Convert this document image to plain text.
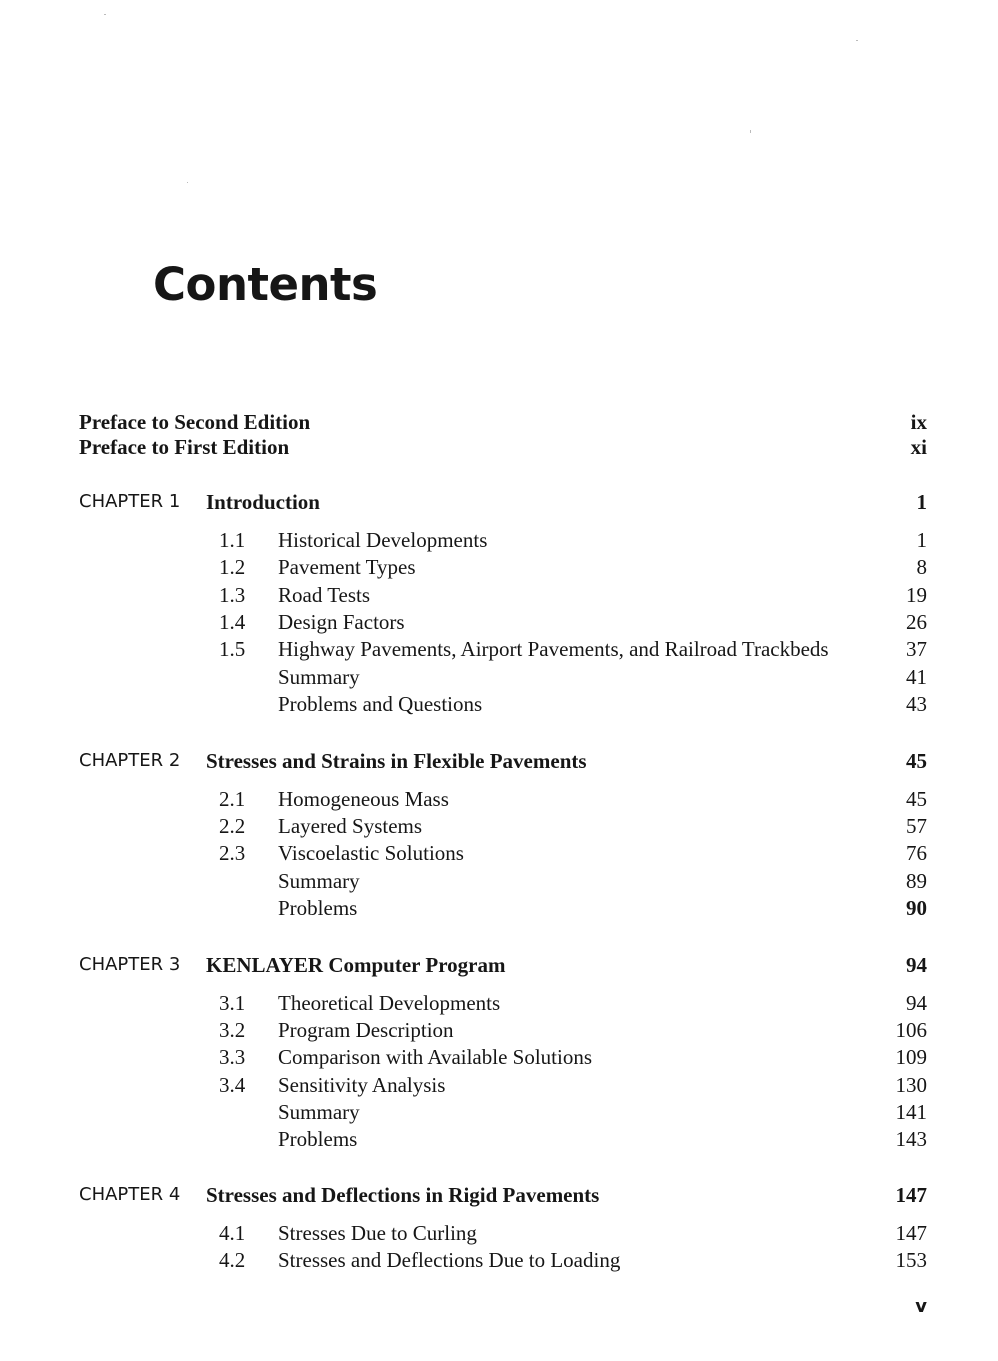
Contents
Preface to Second Edition	ix
Preface to First Edition	xi
CHAPTER 1 Introduction	1
1.1 Historical Developments	1
1.2 Pavement Types	8
1.3 Road Tests	19
1.4 Design Factors	26
1.5 Highway Pavements, Airport Pavements, and Railroad Trackbeds	37
Summary	41
Problems and Questions	43
CHAPTER 2 Stresses and Strains in Flexible Pavements	45
2.1 Homogeneous Mass	45
2.2 Layered Systems	57
2.3 Viscoelastic Solutions	76
Summary	89
Problems	90
CHAPTER 3 KENLAYER Computer Program	94
3.1 Theoretical Developments	94
3.2 Program Description	106
3.3 Comparison with Available Solutions	109
3.4 Sensitivity Analysis	130
Summary	141
Problems	143
CHAPTER 4 Stresses and Deflections in Rigid Pavements	147
4.1 Stresses Due to Curling	147
4.2 Stresses and Deflections Due to Loading	153
v
